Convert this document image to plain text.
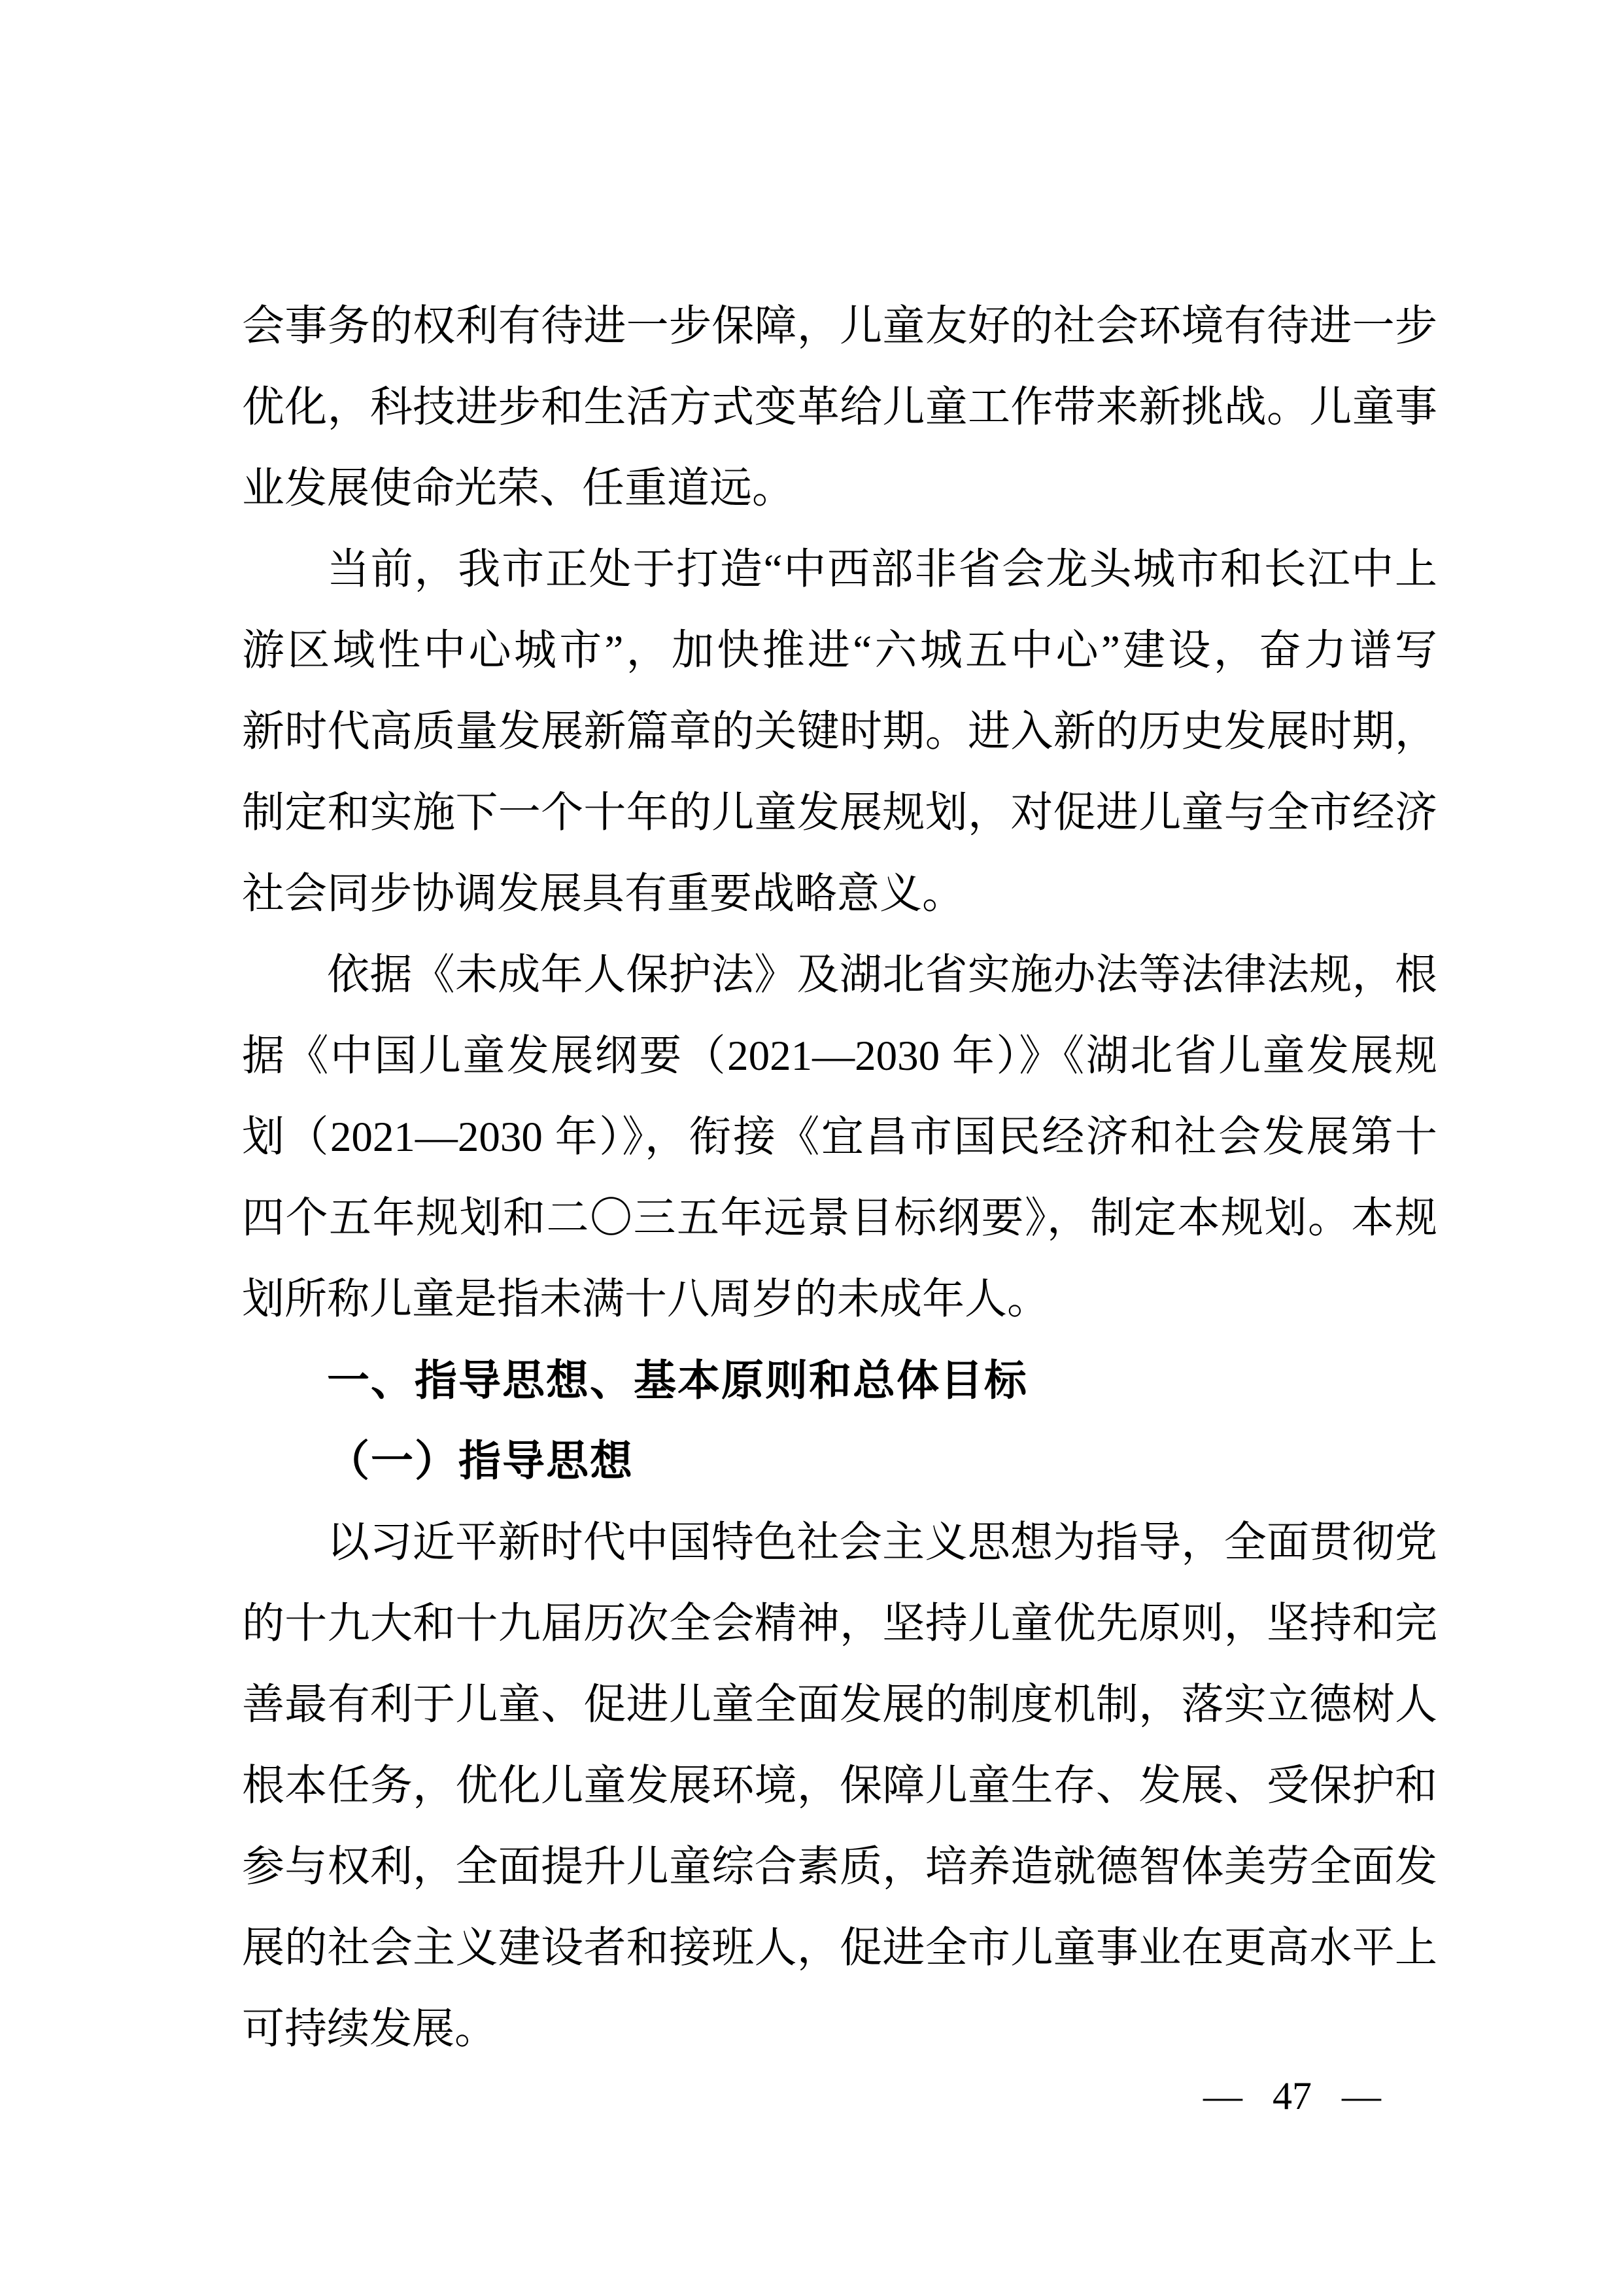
会事务的权利有待进一步保障，儿童友好的社会环境有待进一步
优化，科技进步和生活方式变革给儿童工作带来新挑战。儿童事
业发展使命光荣、任重道远。
当前，我市正处于打造“中西部非省会龙头城市和长江中上
游区域性中心城市”，加快推进“六城五中心”建设，奋力谱写
新时代高质量发展新篇章的关键时期。进入新的历史发展时期，
制定和实施下一个十年的儿童发展规划，对促进儿童与全市经济
社会同步协调发展具有重要战略意义。
依据《未成年人保护法》及湖北省实施办法等法律法规，根
据《中国儿童发展纲要（2021—2030 年）》《湖北省儿童发展规
划（2021—2030 年）》，衔接《宜昌市国民经济和社会发展第十
四个五年规划和二〇三五年远景目标纲要》，制定本规划。本规
划所称儿童是指未满十八周岁的未成年人。
一、指导思想、基本原则和总体目标
（一）指导思想
以习近平新时代中国特色社会主义思想为指导，全面贯彻党
的十九大和十九届历次全会精神，坚持儿童优先原则，坚持和完
善最有利于儿童、促进儿童全面发展的制度机制，落实立德树人
根本任务，优化儿童发展环境，保障儿童生存、发展、受保护和
参与权利，全面提升儿童综合素质，培养造就德智体美劳全面发
展的社会主义建设者和接班人，促进全市儿童事业在更高水平上
可持续发展。
— 47 —
